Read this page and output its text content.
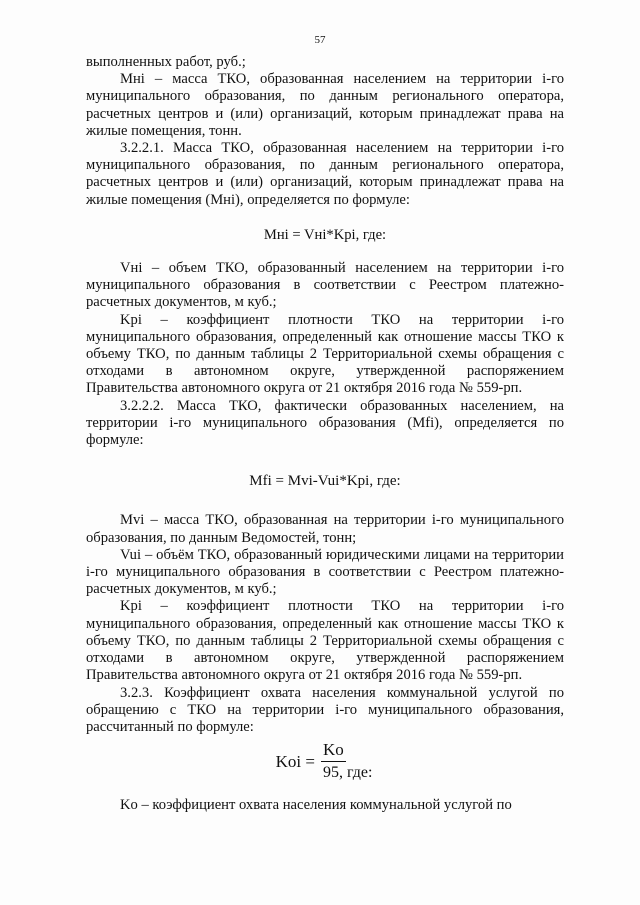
57

выполненных работ, руб.;

Mнi – масса ТКО, образованная населением на территории i-го муниципального образования, по данным регионального оператора, расчетных центров и (или) организаций, которым принадлежат права на жилые помещения, тонн.

3.2.2.1. Масса ТКО, образованная населением на территории i-го муниципального образования, по данным регионального оператора, расчетных центров и (или) организаций, которым принадлежат права на жилые помещения (Mнi), определяется по формуле:

Mнi = Vнi*Kpi, где:

Vнi – объем ТКО, образованный населением на территории i-го муниципального образования в соответствии с Реестром платежно-расчетных документов, м куб.;

Kpi – коэффициент плотности ТКО на территории i-го муниципального образования, определенный как отношение массы ТКО к объему ТКО, по данным таблицы 2 Территориальной схемы обращения с отходами в автономном округе, утвержденной распоряжением Правительства автономного округа от 21 октября 2016 года № 559-рп.

3.2.2.2. Масса ТКО, фактически образованных населением, на территории i-го муниципального образования (Mfi), определяется по формуле:

Mfi = Mvi-Vui*Kpi, где:

Mvi – масса ТКО, образованная на территории i-го муниципального образования, по данным Ведомостей, тонн;

Vui – объём ТКО, образованный юридическими лицами на территории i-го муниципального образования в соответствии с Реестром платежно-расчетных документов, м куб.;

Kpi – коэффициент плотности ТКО на территории i-го муниципального образования, определенный как отношение массы ТКО к объему ТКО, по данным таблицы 2 Территориальной схемы обращения с отходами в автономном округе, утвержденной распоряжением Правительства автономного округа от 21 октября 2016 года № 559-рп.

3.2.3. Коэффициент охвата населения коммунальной услугой по обращению с ТКО на территории i-го муниципального образования, рассчитанный по формуле:

Koi = $\frac{Ko}{\text{95, где:}}$

Ko – коэффициент охвата населения коммунальной услугой по
